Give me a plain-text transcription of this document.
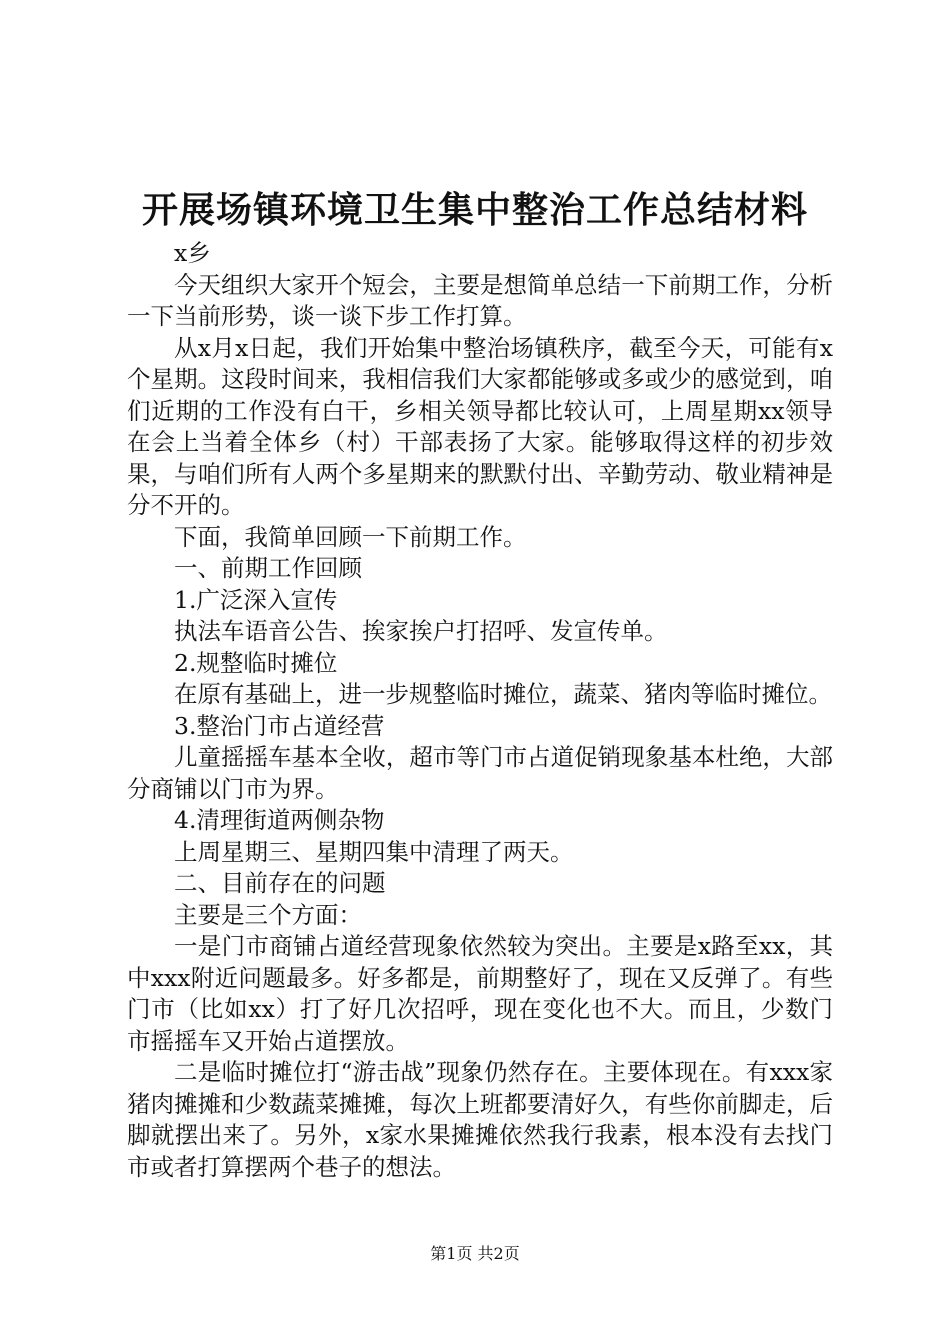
开展场镇环境卫生集中整治工作总结材料

x乡

今天组织大家开个短会，主要是想简单总结一下前期工作，分析一下当前形势，谈一谈下步工作打算。

从x月x日起，我们开始集中整治场镇秩序，截至今天，可能有x个星期。这段时间来，我相信我们大家都能够或多或少的感觉到，咱们近期的工作没有白干，乡相关领导都比较认可，上周星期xx领导在会上当着全体乡（村）干部表扬了大家。能够取得这样的初步效果，与咱们所有人两个多星期来的默默付出、辛勤劳动、敬业精神是分不开的。

下面，我简单回顾一下前期工作。

一、前期工作回顾

1.广泛深入宣传

执法车语音公告、挨家挨户打招呼、发宣传单。

2.规整临时摊位

在原有基础上，进一步规整临时摊位，蔬菜、猪肉等临时摊位。

3.整治门市占道经营

儿童摇摇车基本全收，超市等门市占道促销现象基本杜绝，大部分商铺以门市为界。

4.清理街道两侧杂物

上周星期三、星期四集中清理了两天。

二、目前存在的问题

主要是三个方面：

一是门市商铺占道经营现象依然较为突出。主要是x路至xx，其中xxx附近问题最多。好多都是，前期整好了，现在又反弹了。有些门市（比如xx）打了好几次招呼，现在变化也不大。而且，少数门市摇摇车又开始占道摆放。

二是临时摊位打“游击战”现象仍然存在。主要体现在。有xxx家猪肉摊摊和少数蔬菜摊摊，每次上班都要清好久，有些你前脚走，后脚就摆出来了。另外，x家水果摊摊依然我行我素，根本没有去找门市或者打算摆两个巷子的想法。

第1页 共2页
